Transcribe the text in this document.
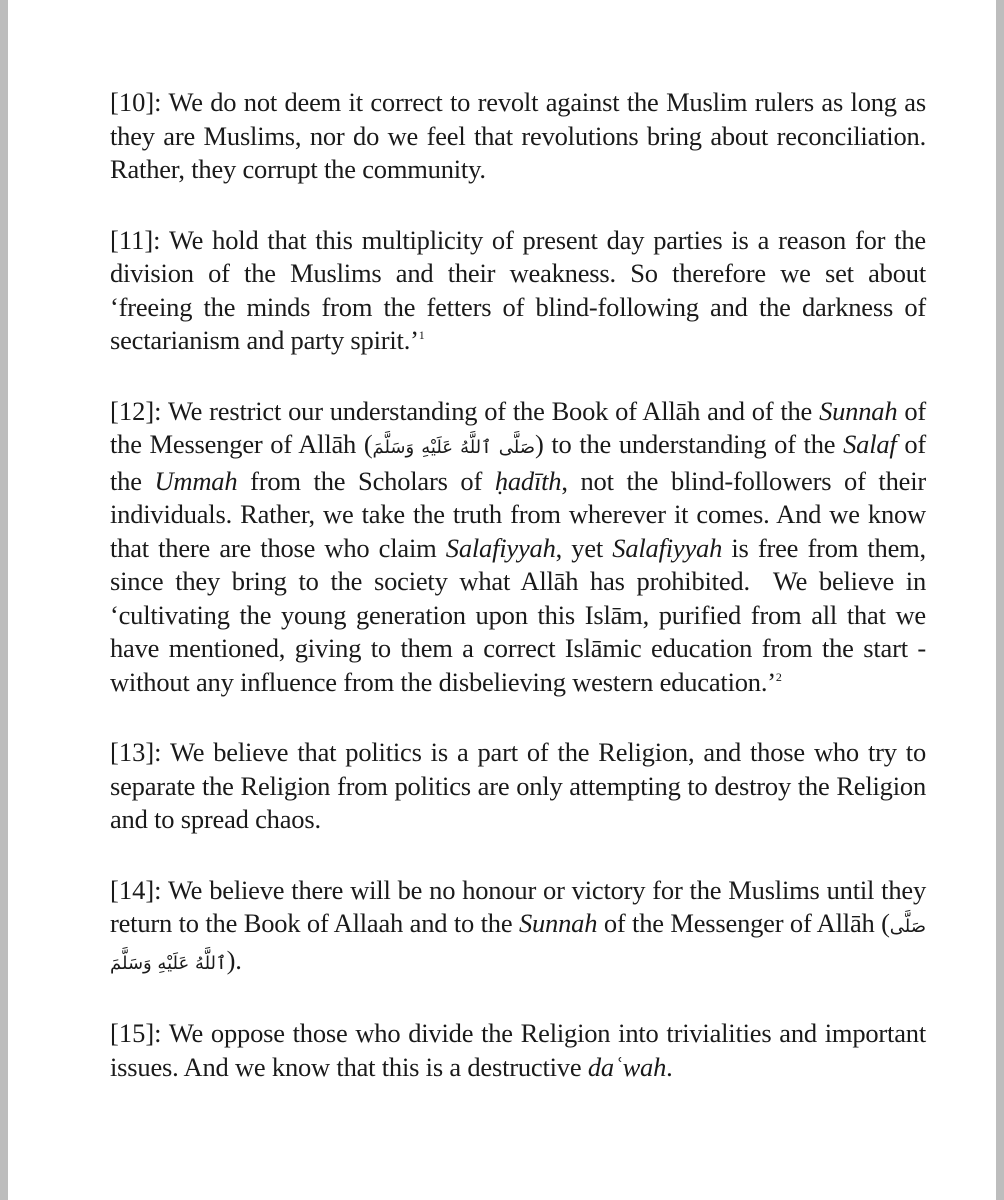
[10]: We do not deem it correct to revolt against the Muslim rulers as long as they are Muslims, nor do we feel that revolutions bring about reconciliation. Rather, they corrupt the community.

[11]: We hold that this multiplicity of present day parties is a reason for the division of the Muslims and their weakness. So therefore we set about ‘freeing the minds from the fetters of blind-following and the darkness of sectarianism and party spirit.’$^1$

[12]: We restrict our understanding of the Book of Allāh and of the Sunnah of the Messenger of Allāh (صَلَّى ٱللَّهُ عَلَيْهِ وَسَلَّمَ) to the understanding of the Salaf of the Ummah from the Scholars of ḥadīth, not the blind-followers of their individuals. Rather, we take the truth from wherever it comes. And we know that there are those who claim Salafiyyah, yet Salafiyyah is free from them, since they bring to the society what Allāh has prohibited.  We believe in ‘cultivating the young generation upon this Islām, purified from all that we have mentioned, giving to them a correct Islāmic education from the start - without any influence from the disbelieving western education.’$^2$

[13]: We believe that politics is a part of the Religion, and those who try to separate the Religion from politics are only attempting to destroy the Religion and to spread chaos.

[14]: We believe there will be no honour or victory for the Muslims until they return to the Book of Allaah and to the Sunnah of the Messenger of Allāh (صَلَّى ٱللَّهُ عَلَيْهِ وَسَلَّمَ).

[15]: We oppose those who divide the Religion into trivialities and important issues. And we know that this is a destructive daʿwah.
